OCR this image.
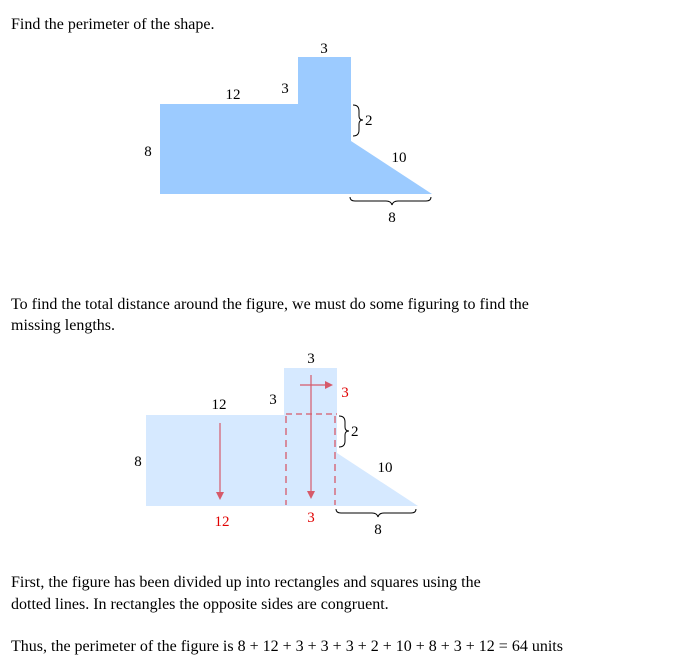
Find the perimeter of the shape.
3
3
12
8
2
10
8
To find the total distance around the figure, we must do some figuring to find the
missing lengths.
3
3
12
8
3
2
10
12	3
8
First, the figure has been divided up into rectangles and squares using the
dotted lines. In rectangles the opposite sides are congruent.
Thus, the perimeter of the figure is 8 + 12 + 3 + 3 + 3 + 2 + 10 + 8 + 3 + 12 = 64 units
